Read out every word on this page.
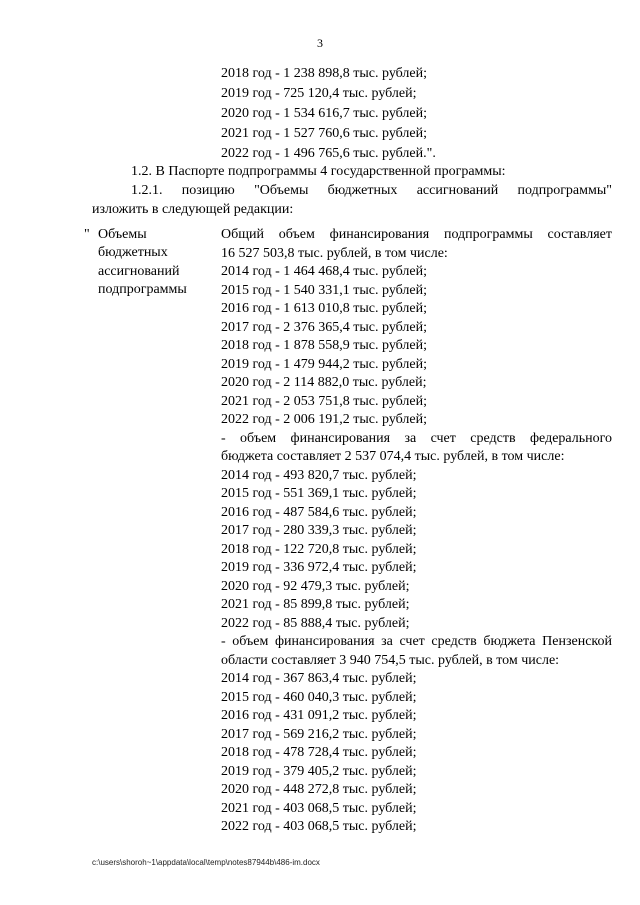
3
2018 год - 1 238 898,8 тыс. рублей;
2019 год - 725 120,4 тыс. рублей;
2020 год - 1 534 616,7 тыс. рублей;
2021 год - 1 527 760,6 тыс. рублей;
2022 год - 1 496 765,6 тыс. рублей.".
1.2. В Паспорте подпрограммы 4 государственной программы:
1.2.1. позицию "Объемы бюджетных ассигнований подпрограммы"
изложить в следующей редакции:
" Объемы
бюджетных
ассигнований
подпрограммы
Общий объем финансирования подпрограммы составляет
16 527 503,8 тыс. рублей, в том числе:
2014 год - 1 464 468,4 тыс. рублей;
2015 год - 1 540 331,1 тыс. рублей;
2016 год - 1 613 010,8 тыс. рублей;
2017 год - 2 376 365,4 тыс. рублей;
2018 год - 1 878 558,9 тыс. рублей;
2019 год - 1 479 944,2 тыс. рублей;
2020 год - 2 114 882,0 тыс. рублей;
2021 год - 2 053 751,8 тыс. рублей;
2022 год - 2 006 191,2 тыс. рублей;
- объем финансирования за счет средств федерального
бюджета составляет 2 537 074,4 тыс. рублей, в том числе:
2014 год - 493 820,7 тыс. рублей;
2015 год - 551 369,1 тыс. рублей;
2016 год - 487 584,6 тыс. рублей;
2017 год - 280 339,3 тыс. рублей;
2018 год - 122 720,8 тыс. рублей;
2019 год - 336 972,4 тыс. рублей;
2020 год - 92 479,3 тыс. рублей;
2021 год - 85 899,8 тыс. рублей;
2022 год - 85 888,4 тыс. рублей;
- объем финансирования за счет средств бюджета Пензенской
области составляет 3 940 754,5 тыс. рублей, в том числе:
2014 год - 367 863,4 тыс. рублей;
2015 год - 460 040,3 тыс. рублей;
2016 год - 431 091,2 тыс. рублей;
2017 год - 569 216,2 тыс. рублей;
2018 год - 478 728,4 тыс. рублей;
2019 год - 379 405,2 тыс. рублей;
2020 год - 448 272,8 тыс. рублей;
2021 год - 403 068,5 тыс. рублей;
2022 год - 403 068,5 тыс. рублей;
c:\users\shoroh~1\appdata\local\temp\notes87944b\486-im.docx
